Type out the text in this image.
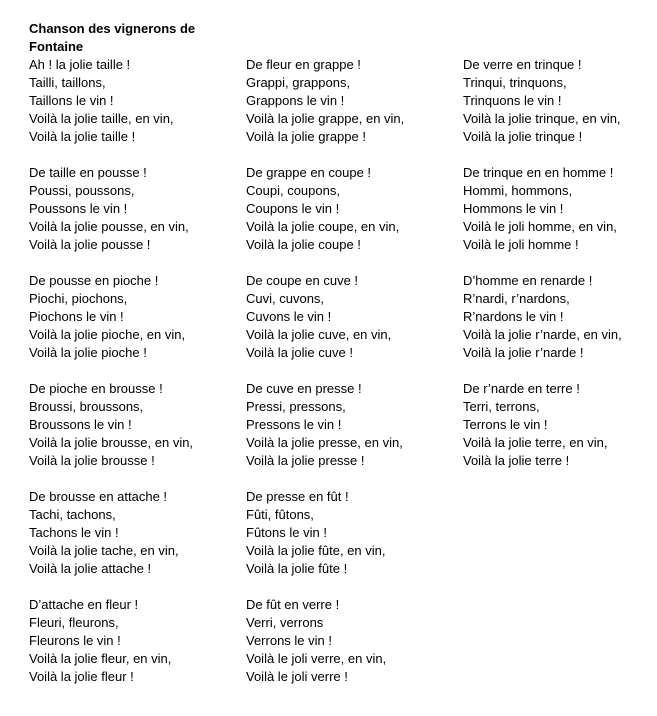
Chanson des vignerons de Fontaine
Ah ! la jolie taille !
Tailli, taillons,
Taillons le vin !
Voilà la jolie taille, en vin,
Voilà la jolie taille !
De taille en pousse !
Poussi, poussons,
Poussons le vin !
Voilà la jolie pousse, en vin,
Voilà la jolie pousse !
De pousse en pioche !
Piochi, piochons,
Piochons le vin !
Voilà la jolie pioche, en vin,
Voilà la jolie pioche !
De pioche en brousse !
Broussi, broussons,
Broussons le vin !
Voilà la jolie brousse, en vin,
Voilà la jolie brousse !
De brousse en attache !
Tachi, tachons,
Tachons le vin !
Voilà la jolie tache, en vin,
Voilà la jolie attache !
D’attache en fleur !
Fleuri, fleurons,
Fleurons le vin !
Voilà la jolie fleur, en vin,
Voilà la jolie fleur !
De fleur en grappe !
Grappi, grappons,
Grappons le vin !
Voilà la jolie grappe, en vin,
Voilà la jolie grappe !
De grappe en coupe !
Coupi, coupons,
Coupons le vin !
Voilà la jolie coupe, en vin,
Voilà la jolie coupe !
De coupe en cuve !
Cuvi, cuvons,
Cuvons le vin !
Voilà la jolie cuve, en vin,
Voilà la jolie cuve !
De cuve en presse !
Pressi, pressons,
Pressons le vin !
Voilà la jolie presse, en vin,
Voilà la jolie presse !
De presse en fût !
Fûti, fûtons,
Fûtons le vin !
Voilà la jolie fûte, en vin,
Voilà la jolie fûte !
De fût en verre !
Verri, verrons
Verrons le vin !
Voilà le joli verre, en vin,
Voilà le joli verre !
De verre en trinque !
Trinqui, trinquons,
Trinquons le vin !
Voilà la jolie trinque, en vin,
Voilà la jolie trinque !
De trinque en en homme !
Hommi, hommons,
Hommons le vin !
Voilà le joli homme, en vin,
Voilà le joli homme !
D’homme en renarde !
R’nardi, r’nardons,
R’nardons le vin !
Voilà la jolie r’narde, en vin,
Voilà la jolie r’narde !
De r’narde en terre !
Terri, terrons,
Terrons le vin !
Voilà la jolie terre, en vin,
Voilà la jolie terre !
